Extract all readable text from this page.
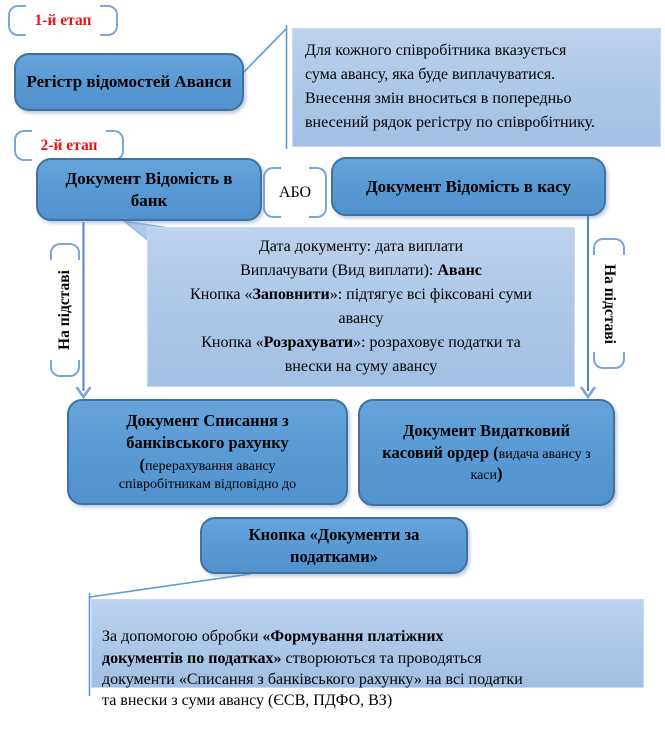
1-й етап
Регістр відомостей Аванси
Для кожного співробітника вказується
сума авансу, яка буде виплачуватися.
Внесення змін вноситься в попередньо
внесений рядок регістру по співробітнику.
2-й етап
Документ Відомість в банк	АБО	Документ Відомість в касу
Дата документу: дата виплати
Виплачувати (Вид виплати): Аванс
Кнопка «Заповнити»: підтягує всі фіксовані суми
авансу
Кнопка «Розрахувати»: розраховує податки та
внески на суму авансу
На підставі	На підставі
Документ Списання з
банківського рахунку
(перерахування авансу
співробітникам відповідно до
Документ Видатковий
касовий ордер (видача авансу з каси)
Кнопка «Документи за податками»

За допомогою обробки «Формування платіжних
документів по податках» створюються та проводяться
документи «Списання з банківського рахунку» на всі податки
та внески з суми авансу (ЄСВ, ПДФО, ВЗ)
